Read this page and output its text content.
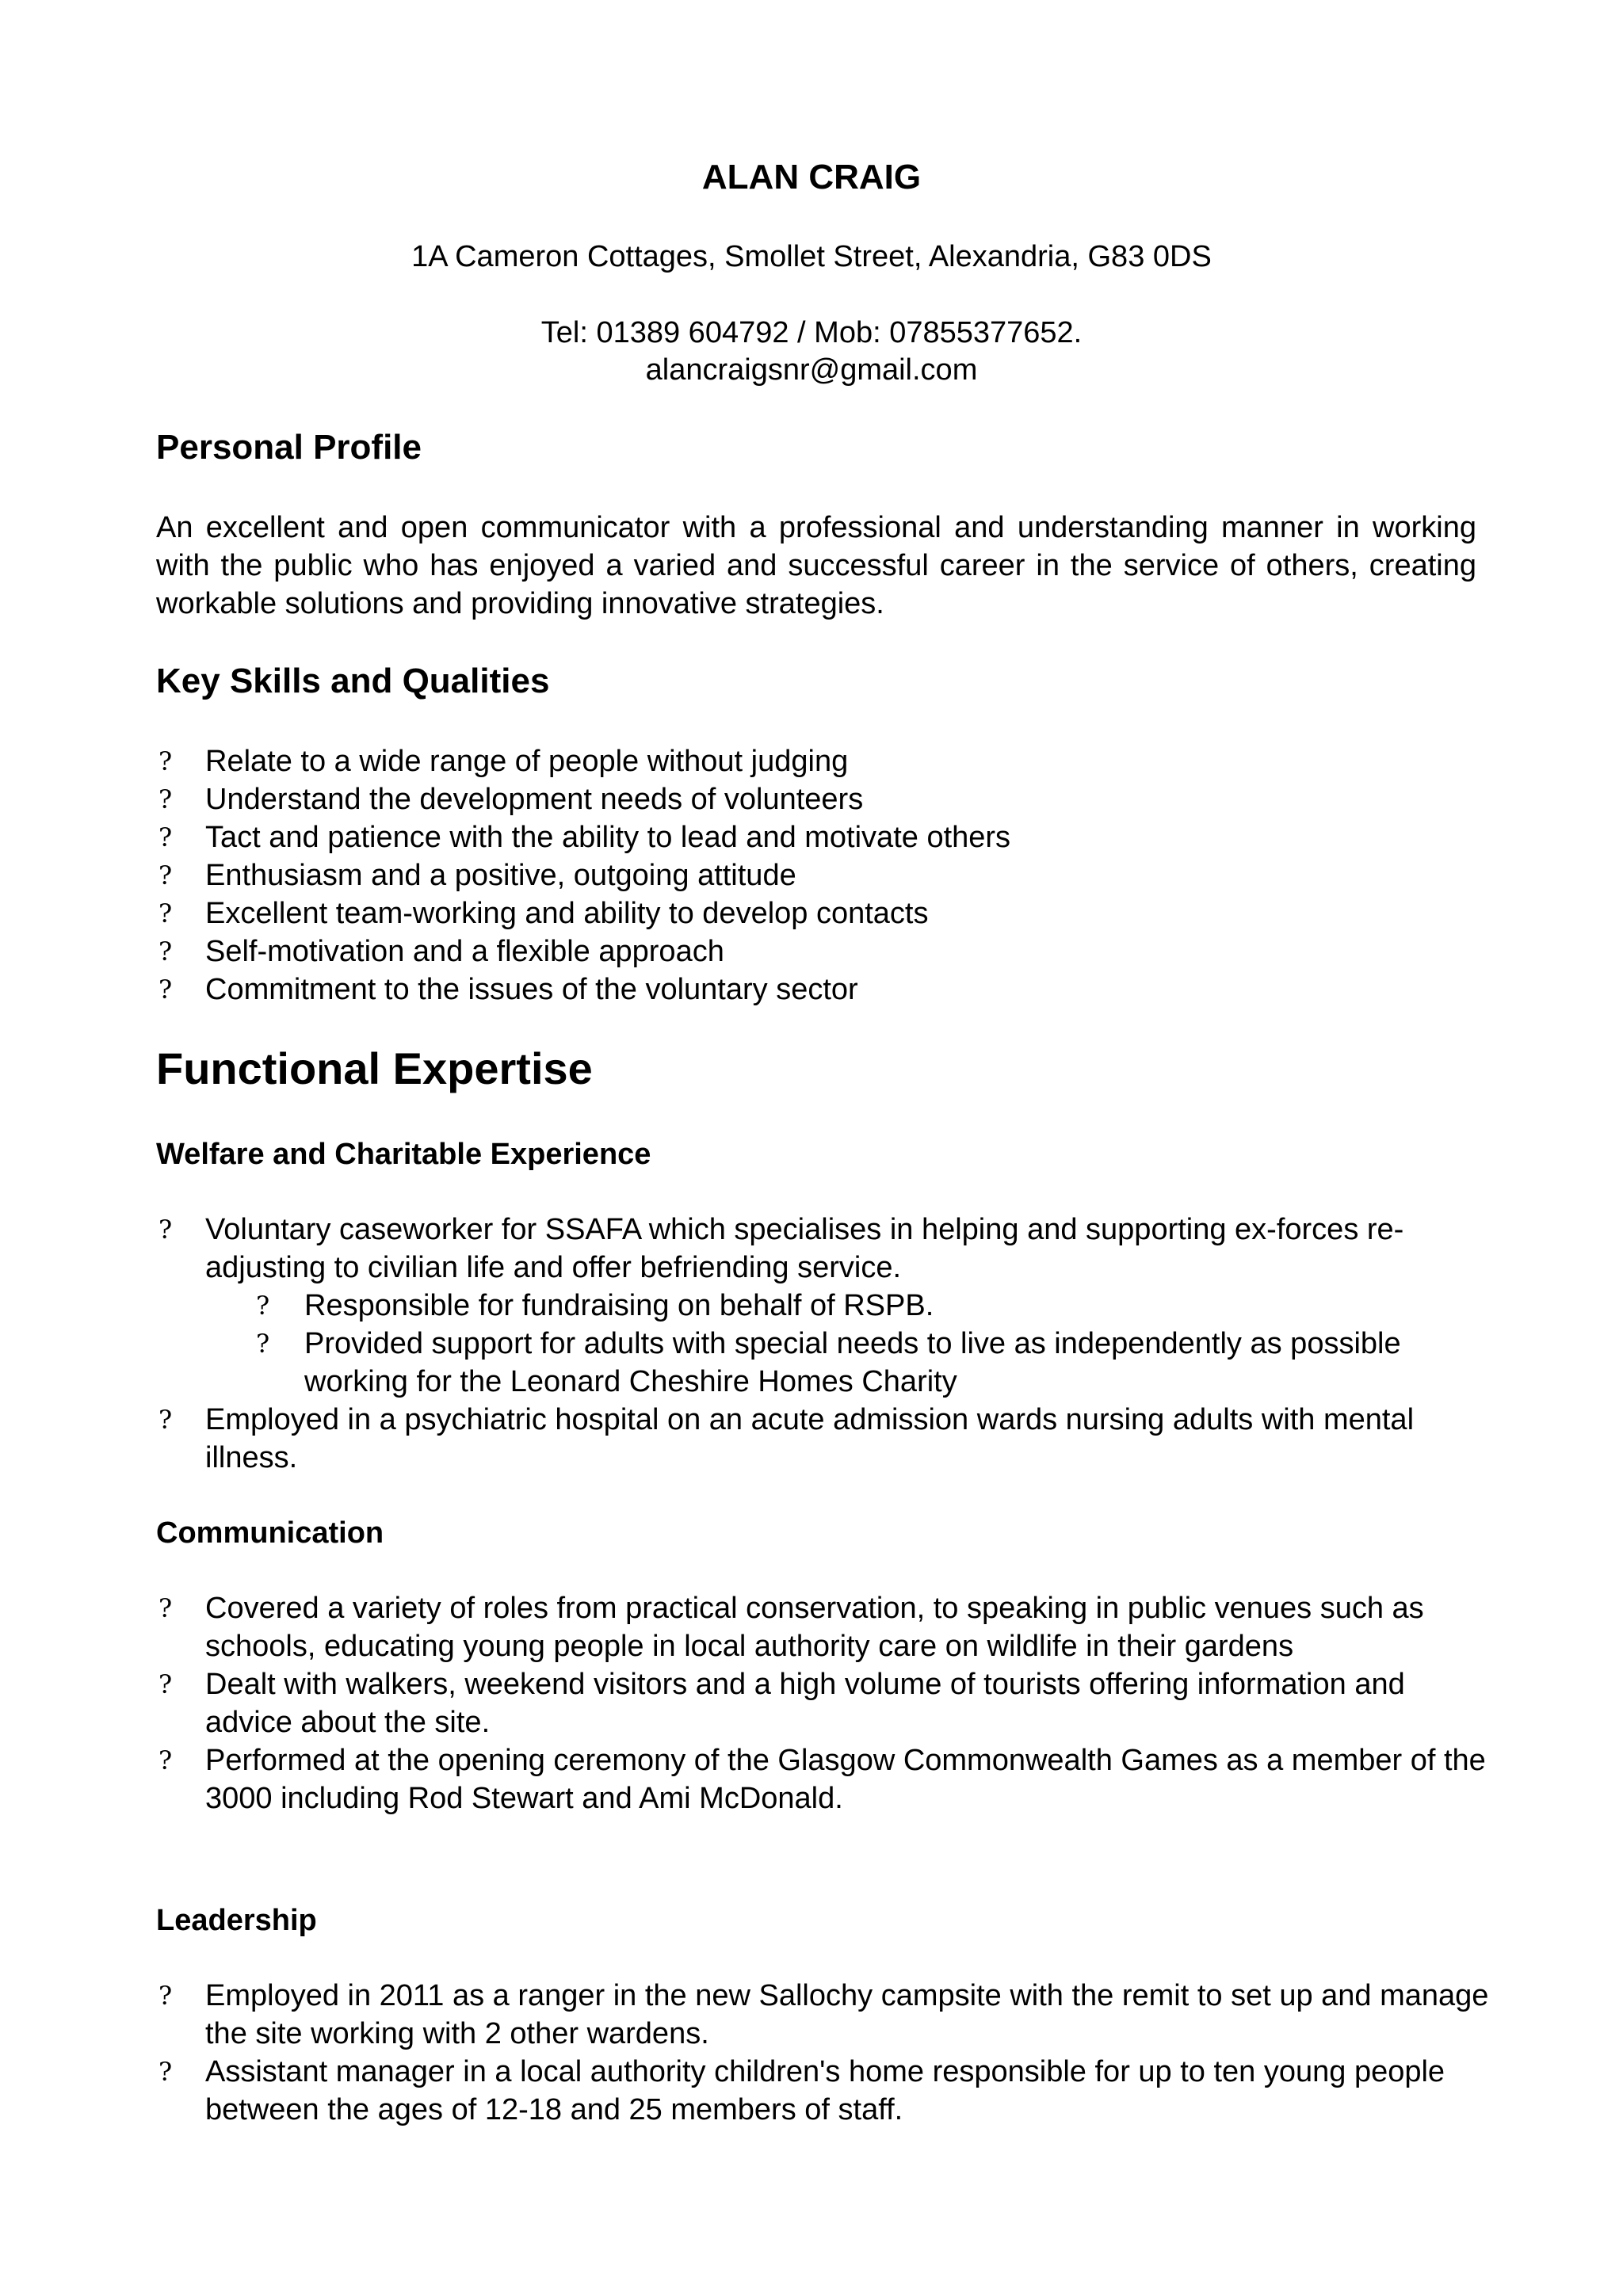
ALAN CRAIG
1A Cameron Cottages, Smollet Street, Alexandria, G83 0DS
Tel: 01389 604792 / Mob: 07855377652.
alancraigsnr@gmail.com
Personal Profile
An excellent and open communicator with a professional and understanding manner in working with the public who has enjoyed a varied and successful career in the service of others, creating workable solutions and providing innovative strategies.
Key Skills and Qualities
? Relate to a wide range of people without judging
? Understand the development needs of volunteers
? Tact and patience with the ability to lead and motivate others
? Enthusiasm and a positive, outgoing attitude
? Excellent team-working and ability to develop contacts
? Self-motivation and a flexible approach
? Commitment to the issues of the voluntary sector
Functional Expertise
Welfare and Charitable Experience
? Voluntary caseworker for SSAFA which specialises in helping and supporting ex-forces re-adjusting to civilian life and offer befriending service.
? Responsible for fundraising on behalf of RSPB.
? Provided support for adults with special needs to live as independently as possible working for the Leonard Cheshire Homes Charity
? Employed in a psychiatric hospital on an acute admission wards nursing adults with mental illness.
Communication
? Covered a variety of roles from practical conservation, to speaking in public venues such as schools, educating young people in local authority care on wildlife in their gardens
? Dealt with walkers, weekend visitors and a high volume of tourists offering information and advice about the site.
? Performed at the opening ceremony of the Glasgow Commonwealth Games as a member of the 3000 including Rod Stewart and Ami McDonald.
Leadership
? Employed in 2011 as a ranger in the new Sallochy campsite with the remit to set up and manage the site working with 2 other wardens.
? Assistant manager in a local authority children's home responsible for up to ten young people between the ages of 12-18 and 25 members of staff.
